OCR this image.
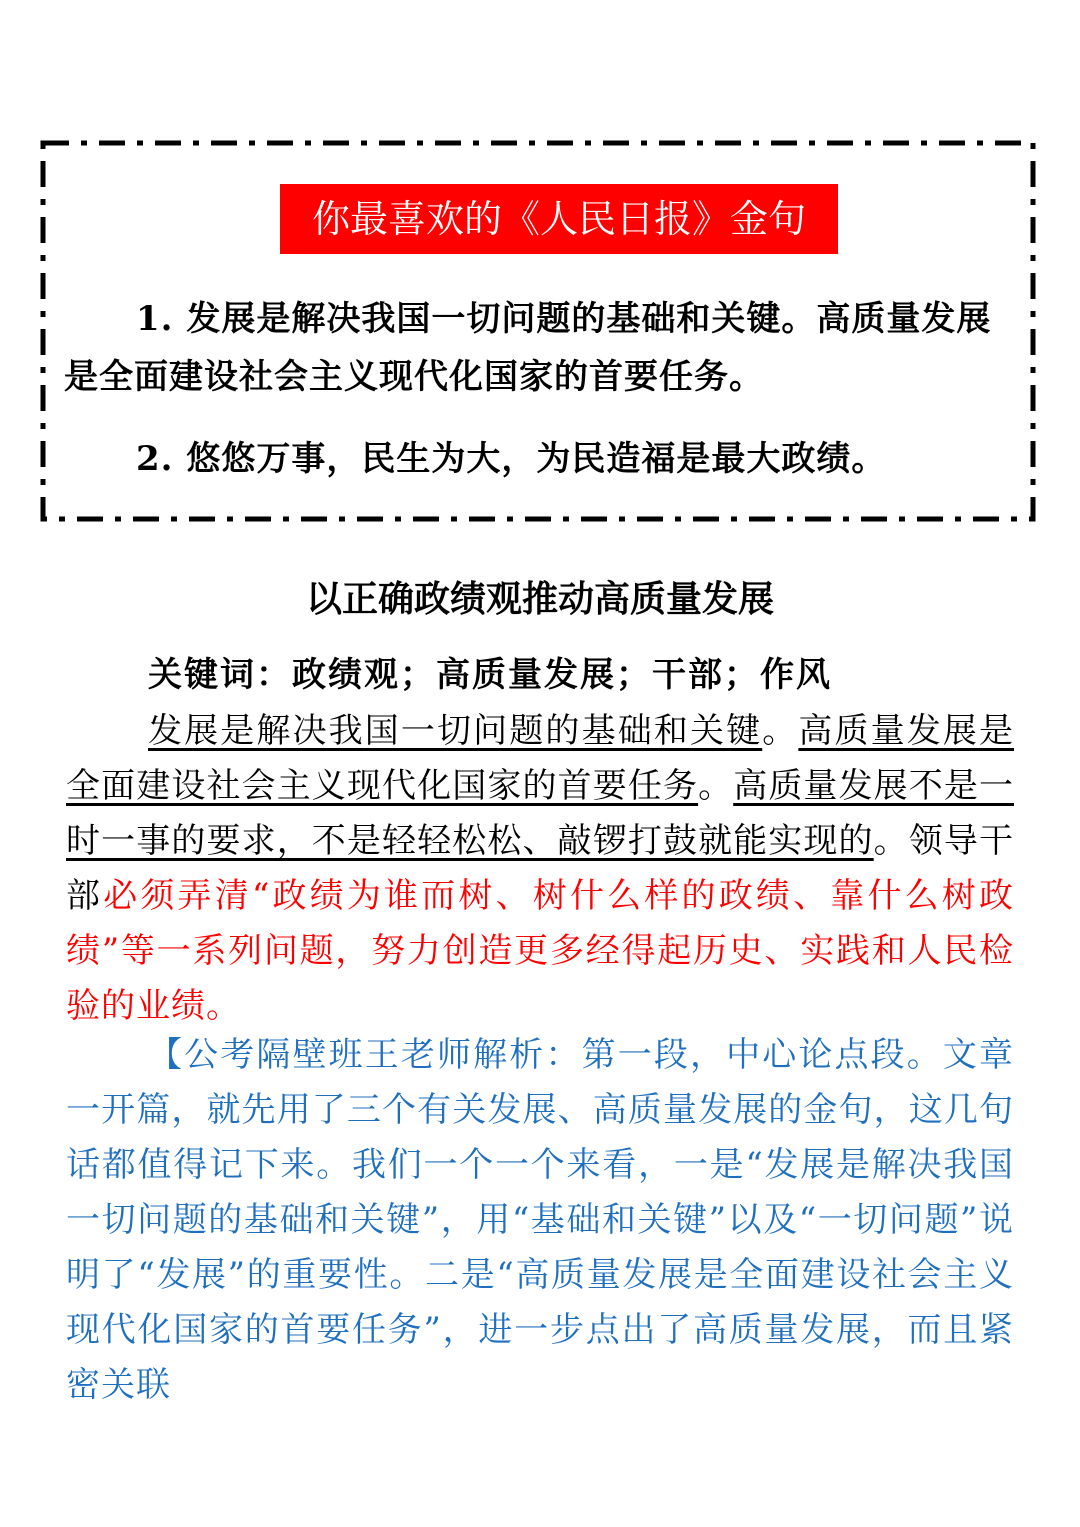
你最喜欢的《人民日报》金句
1. 发展是解决我国一切问题的基础和关键。高质量发展是全面建设社会主义现代化国家的首要任务。
2. 悠悠万事，民生为大，为民造福是最大政绩。
以正确政绩观推动高质量发展
关键词：政绩观；高质量发展；干部；作风
发展是解决我国一切问题的基础和关键。高质量发展是全面建设社会主义现代化国家的首要任务。高质量发展不是一时一事的要求，不是轻轻松松、敲锣打鼓就能实现的。领导干部必须弄清“政绩为谁而树、树什么样的政绩、靠什么树政绩”等一系列问题，努力创造更多经得起历史、实践和人民检验的业绩。
【公考隔壁班王老师解析：第一段，中心论点段。文章一开篇，就先用了三个有关发展、高质量发展的金句，这几句话都值得记下来。我们一个一个来看，一是“发展是解决我国一切问题的基础和关键”，用“基础和关键”以及“一切问题”说明了“发展”的重要性。二是“高质量发展是全面建设社会主义现代化国家的首要任务”，进一步点出了高质量发展，而且紧密关联
